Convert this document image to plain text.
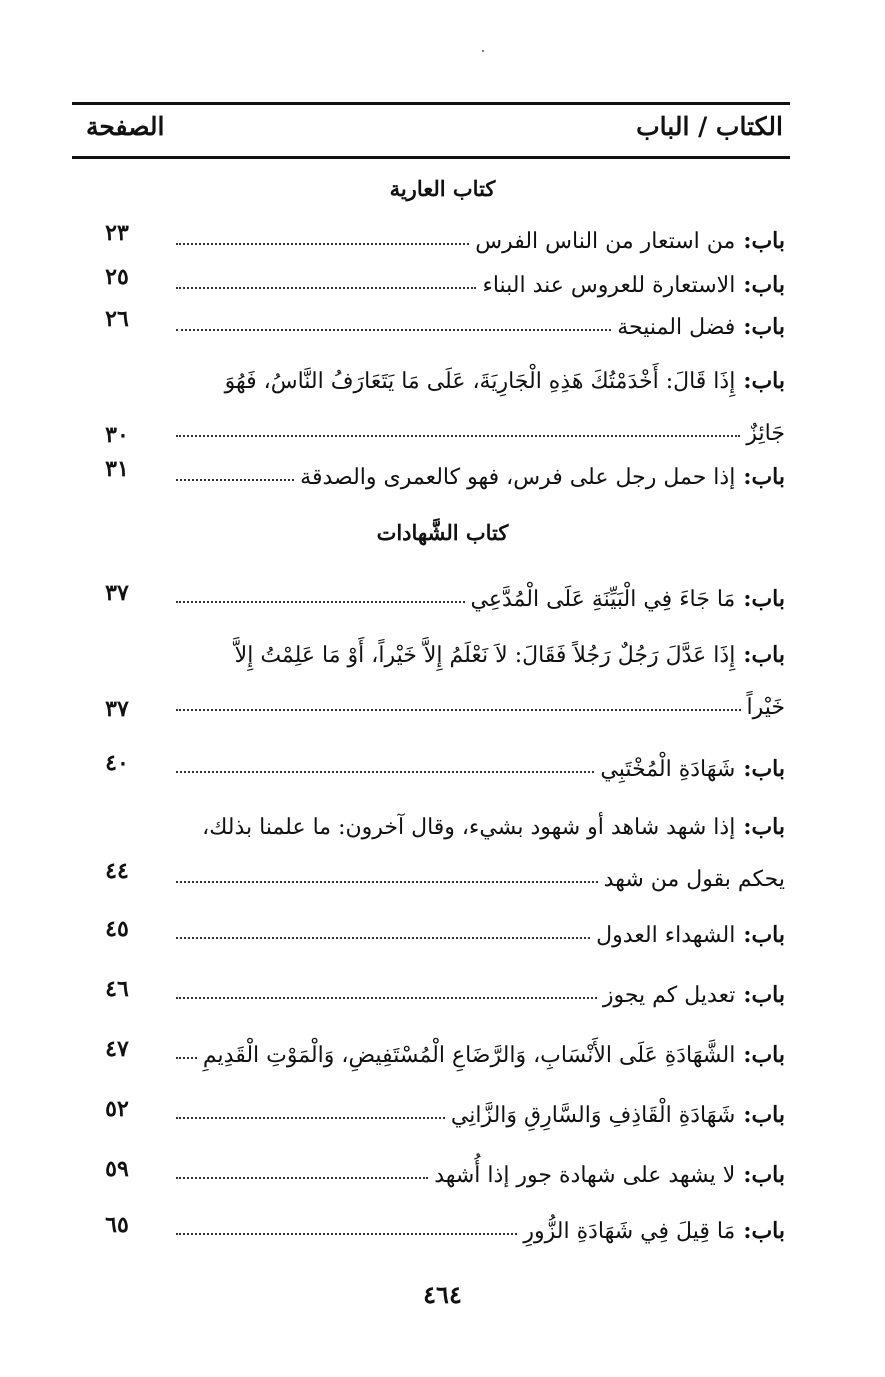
الكتاب / الباب
الصفحة
كتاب العارية
باب:
من استعار من الناس الفرس
٢٣
باب:
الاستعارة للعروس عند البناء
٢٥
باب:
فضل المنيحة
٢٦
باب:
إِذَا قَالَ: أَخْدَمْتُكَ هَذِهِ الْجَارِيَةَ، عَلَى مَا يَتَعَارَفُ النَّاسُ، فَهُوَ
جَائِزٌ
٣٠
باب:
إذا حمل رجل على فرس، فهو كالعمرى والصدقة
٣١
كتاب الشَّهادات
باب:
مَا جَاءَ فِي الْبَيِّنَةِ عَلَى الْمُدَّعِي
٣٧
باب:
إِذَا عَدَّلَ رَجُلٌ رَجُلاً فَقَالَ: لاَ نَعْلَمُ إِلاَّ خَيْراً، أَوْ مَا عَلِمْتُ إِلاَّ
خَيْراً
٣٧
باب:
شَهَادَةِ الْمُخْتَبِي
٤٠
باب:
إذا شهد شاهد أو شهود بشيء، وقال آخرون: ما علمنا بذلك،
يحكم بقول من شهد
٤٤
باب:
الشهداء العدول
٤٥
باب:
تعديل كم يجوز
٤٦
باب:
الشَّهَادَةِ عَلَى الأَنْسَابِ، وَالرَّضَاعِ الْمُسْتَفِيضِ، وَالْمَوْتِ الْقَدِيمِ
٤٧
باب:
شَهَادَةِ الْقَاذِفِ وَالسَّارِقِ وَالزَّانِي
٥٢
باب:
لا يشهد على شهادة جور إذا أُشهد
٥٩
باب:
مَا قِيلَ فِي شَهَادَةِ الزُّورِ
٦٥
٤٦٤
